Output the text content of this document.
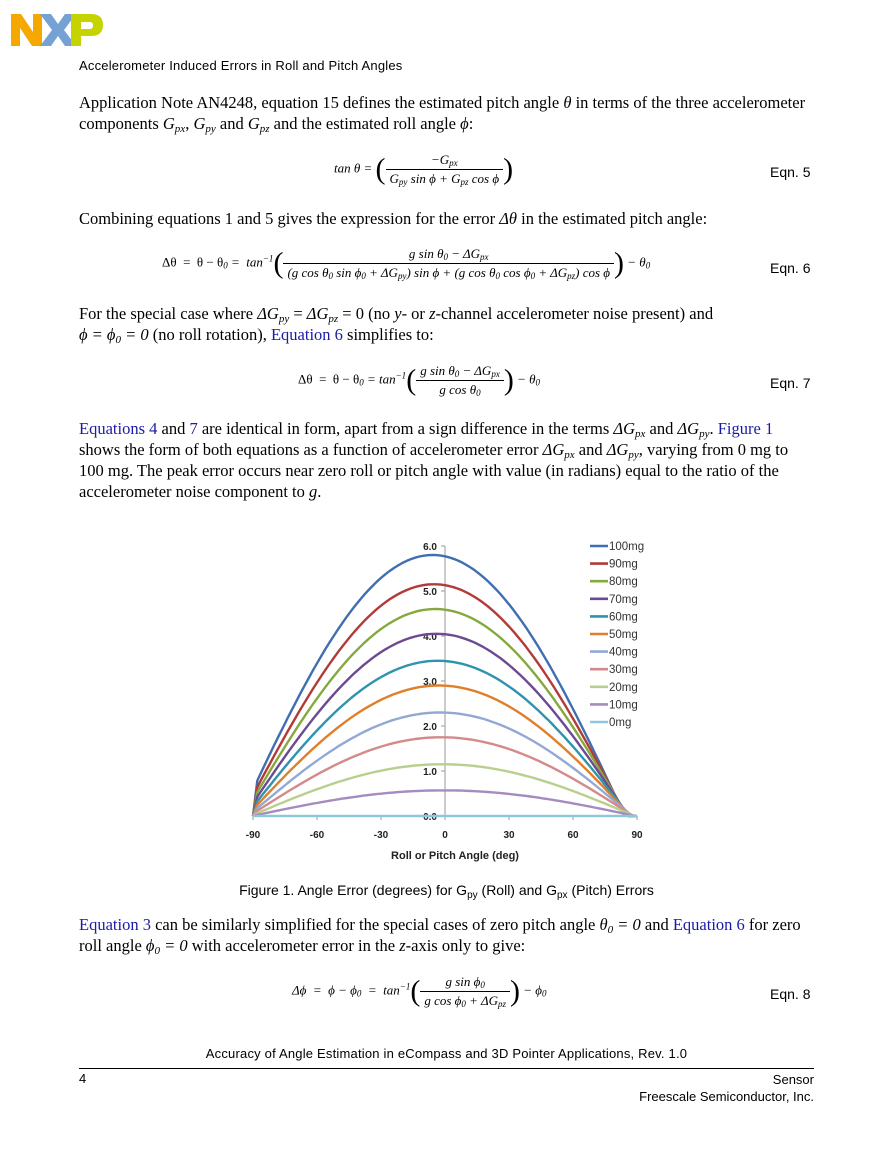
Accelerometer Induced Errors in Roll and Pitch Angles
Application Note AN4248, equation 15 defines the estimated pitch angle θ in terms of the three accelerometer components $G_{px}$, $G_{py}$ and $G_{pz}$ and the estimated roll angle ϕ:
tan θ = ( $\frac{-G_{px}}{G_{py} \sin \phi + G_{pz} \cos \phi}$ )	Eqn. 5
Combining equations 1 and 5 gives the expression for the error Δθ in the estimated pitch angle:
$\Delta\theta = \theta - \theta_0 = \tan^{-1}$(	g $\sin \theta_0 - \Delta G_{px}$
(g $\cos \theta_0$ $\sin \phi_0 + \Delta G_{py}$) sin ϕ + (g $\cos \theta_0$ $\cos \phi_0 + \Delta G_{pz}$) cos ϕ ) − $\theta_0$	Eqn. 6
For the special case where $\Delta G_{py} = \Delta G_{pz} = 0$ (no y- or z-channel accelerometer noise present) and
$\phi = \phi_0 = 0$ (no roll rotation), Equation 6 simplifies to:
$\Delta\theta = \theta - \theta_0 = \tan^{-1}( \frac{g \sin \theta_0 - \Delta G_{px}}{g \cos \theta_0}$ ) − $\theta_0$	Eqn. 7
Equations 4 and 7 are identical in form, apart from a sign difference in the terms $\Delta G_{px}$ and $\Delta G_{py}$. Figure 1 shows the form of both equations as a function of accelerometer error $\Delta G_{px}$ and $\Delta G_{py}$, varying from 0 mg to 100 mg. The peak error occurs near zero roll or pitch angle with value (in radians) equal to the ratio of the accelerometer noise component to g.
0.0
1.0
2.0
3.0
4.0
5.0
6.0
-90	-60	-30	0	30	60	90
Roll or Pitch Angle (deg)
100mg
90mg
80mg
70mg
60mg
50mg
40mg
30mg
20mg
10mg
0mg
Figure 1. Angle Error (degrees) for $G_{py}$ (Roll) and $G_{px}$ (Pitch) Errors
Equation 3 can be similarly simplified for the special cases of zero pitch angle $\theta_0 = 0$ and Equation 6 for zero roll angle $\phi_0 = 0$ with accelerometer error in the z-axis only to give:
$\Delta\phi = \phi - \phi_0 = \tan^{-1}( \frac{g \sin \phi_0}{g \cos \phi_0 + \Delta G_{pz}}$ ) − $\phi_0$	Eqn. 8
Accuracy of Angle Estimation in eCompass and 3D Pointer Applications, Rev. 1.0
4	Sensor
Freescale Semiconductor, Inc.
